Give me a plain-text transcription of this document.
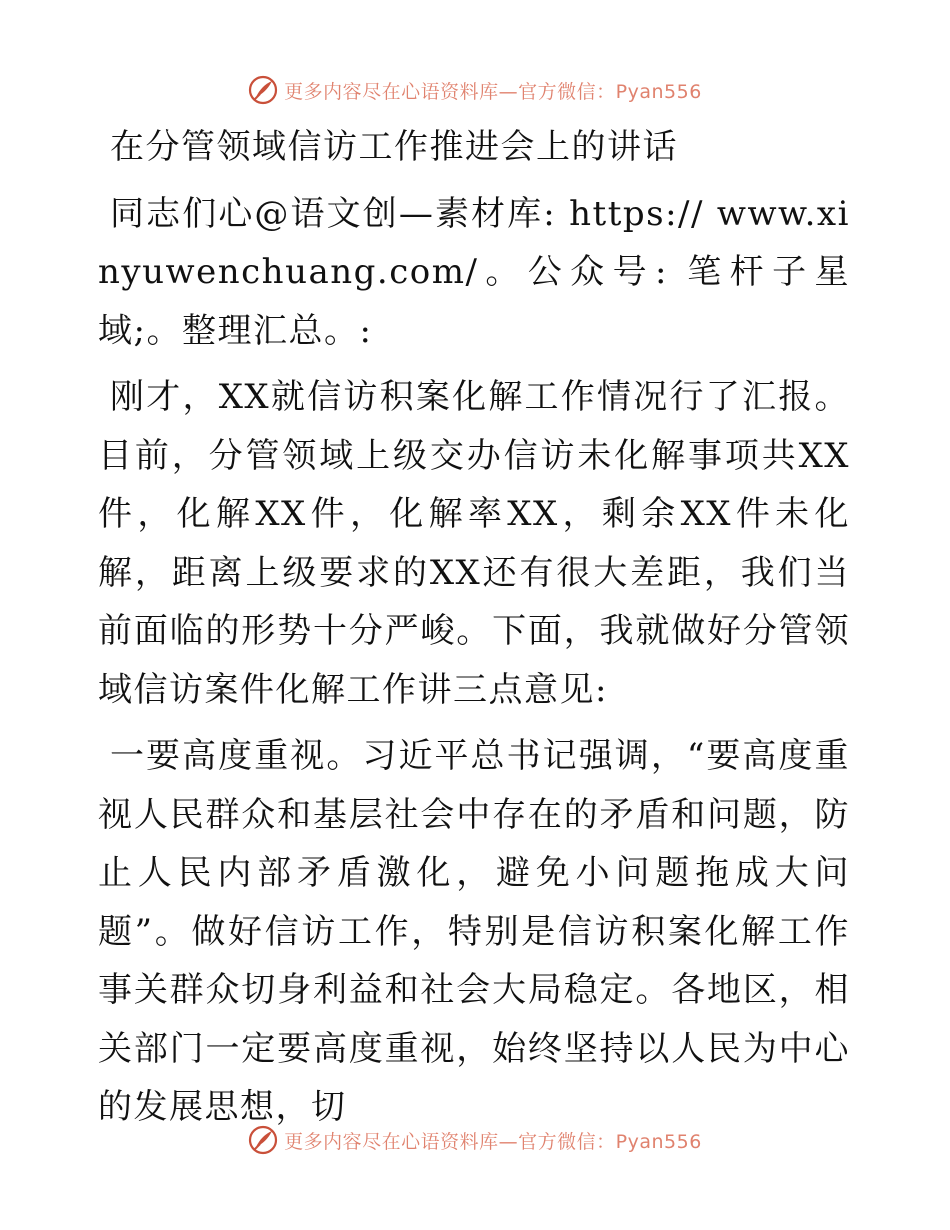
更多内容尽在心语资料库—官方微信：Pyan556

在分管领域信访工作推进会上的讲话

同志们心@语文创—素材库: https:// www.xinyuwenchuang.com/。公众号: 笔杆子星域;。整理汇总。:

刚才，XX就信访积案化解工作情况行了汇报。目前，分管领域上级交办信访未化解事项共XX件，化解XX件，化解率XX，剩余XX件未化解，距离上级要求的XX还有很大差距，我们当前面临的形势十分严峻。下面，我就做好分管领域信访案件化解工作讲三点意见:

一要高度重视。习近平总书记强调，“要高度重视人民群众和基层社会中存在的矛盾和问题，防止人民内部矛盾激化，避免小问题拖成大问题”。做好信访工作，特别是信访积案化解工作事关群众切身利益和社会大局稳定。各地区，相关部门一定要高度重视，始终坚持以人民为中心的发展思想，切

更多内容尽在心语资料库—官方微信：Pyan556
